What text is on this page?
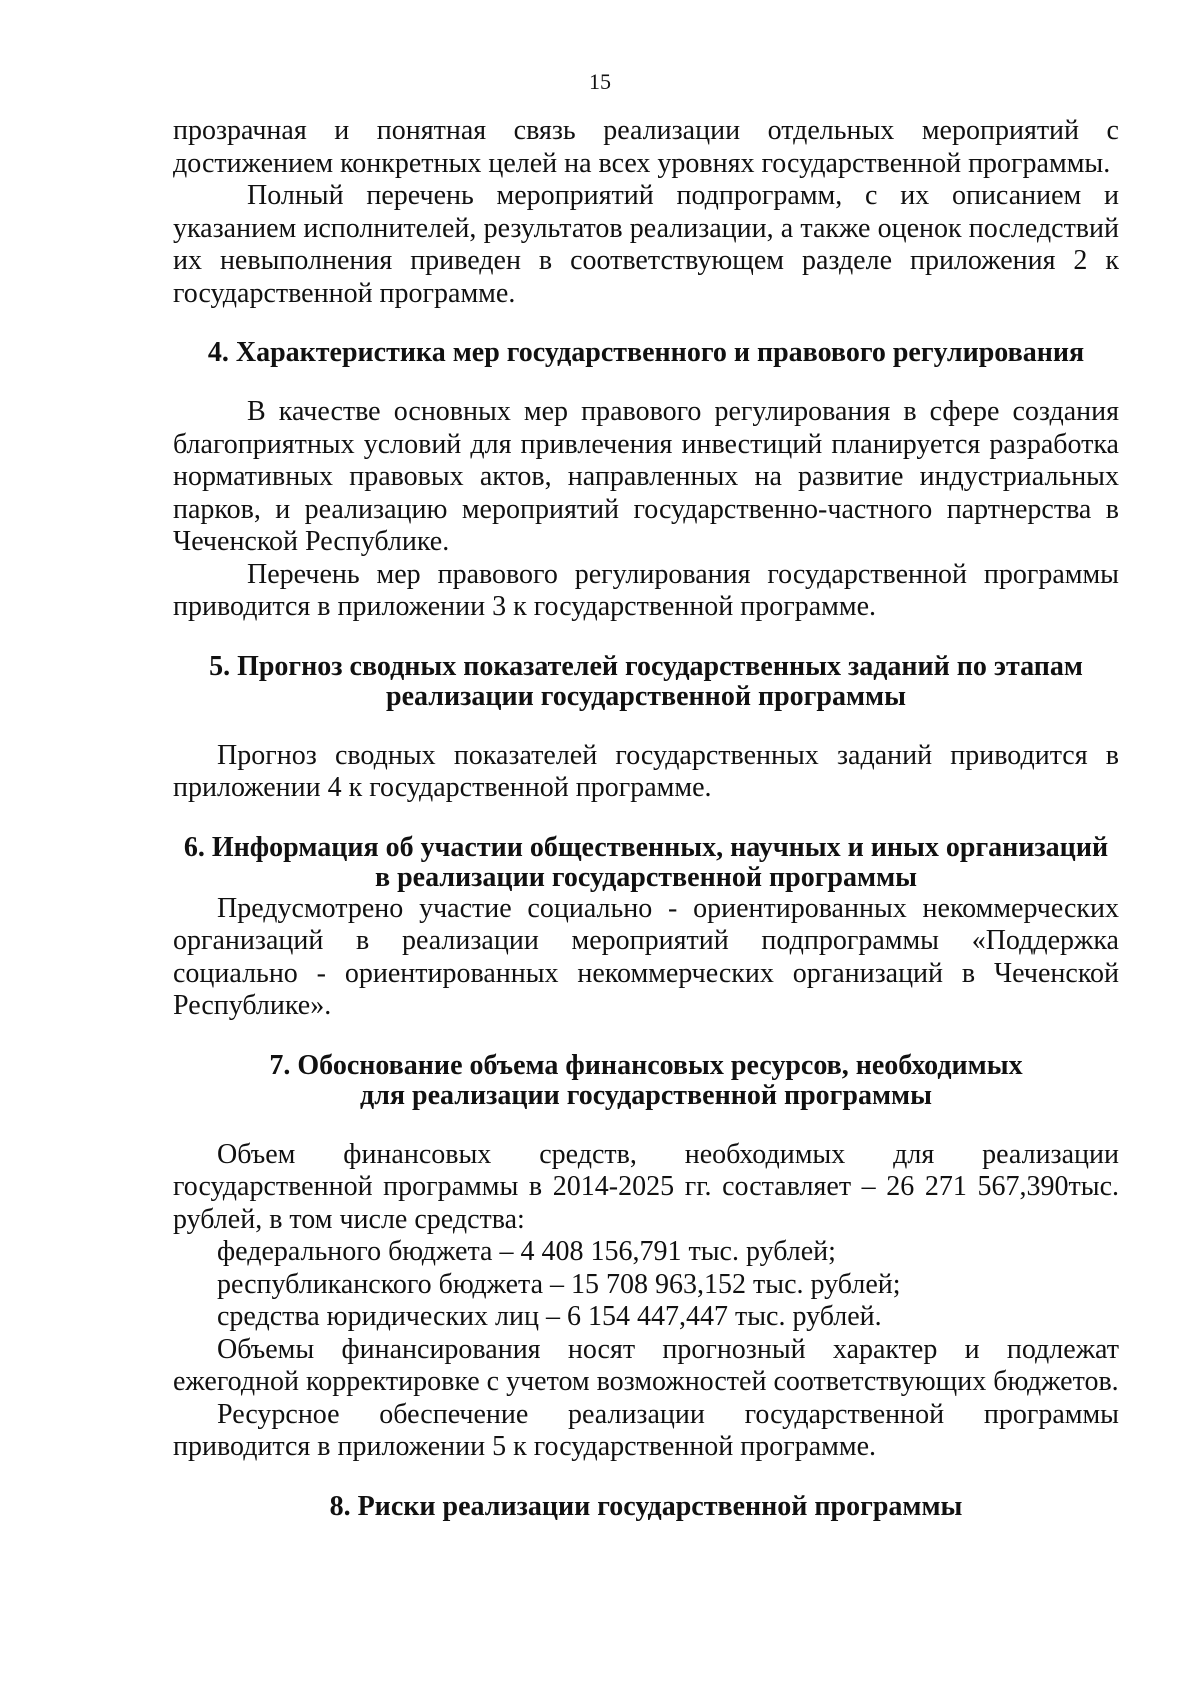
15

прозрачная и понятная связь реализации отдельных мероприятий с достижением конкретных целей на всех уровнях государственной программы.

Полный перечень мероприятий подпрограмм, с их описанием и указанием исполнителей, результатов реализации, а также оценок последствий их невыполнения приведен в соответствующем разделе приложения 2 к государственной программе.

4. Характеристика мер государственного и правового регулирования

В качестве основных мер правового регулирования в сфере создания благоприятных условий для привлечения инвестиций планируется разработка нормативных правовых актов, направленных на развитие индустриальных парков, и реализацию мероприятий государственно-частного партнерства в Чеченской Республике.

Перечень мер правового регулирования государственной программы приводится в приложении 3 к государственной программе.

5. Прогноз сводных показателей государственных заданий по этапам
реализации государственной программы

Прогноз сводных показателей государственных заданий приводится в приложении 4 к государственной программе.

6. Информация об участии общественных, научных и иных организаций
в реализации государственной программы

Предусмотрено участие социально - ориентированных некоммерческих организаций в реализации мероприятий подпрограммы «Поддержка социально - ориентированных некоммерческих организаций в Чеченской Республике».

7. Обоснование объема финансовых ресурсов, необходимых
для реализации государственной программы

Объем финансовых средств, необходимых для реализации государственной программы в 2014-2025 гг. составляет – 26 271 567,390тыс. рублей, в том числе средства:

федерального бюджета – 4 408 156,791 тыс. рублей;

республиканского бюджета – 15 708 963,152 тыс. рублей;

средства юридических лиц – 6 154 447,447 тыс. рублей.

Объемы финансирования носят прогнозный характер и подлежат ежегодной корректировке с учетом возможностей соответствующих бюджетов.

Ресурсное обеспечение реализации государственной программы приводится в приложении 5 к государственной программе.

8. Риски реализации государственной программы
